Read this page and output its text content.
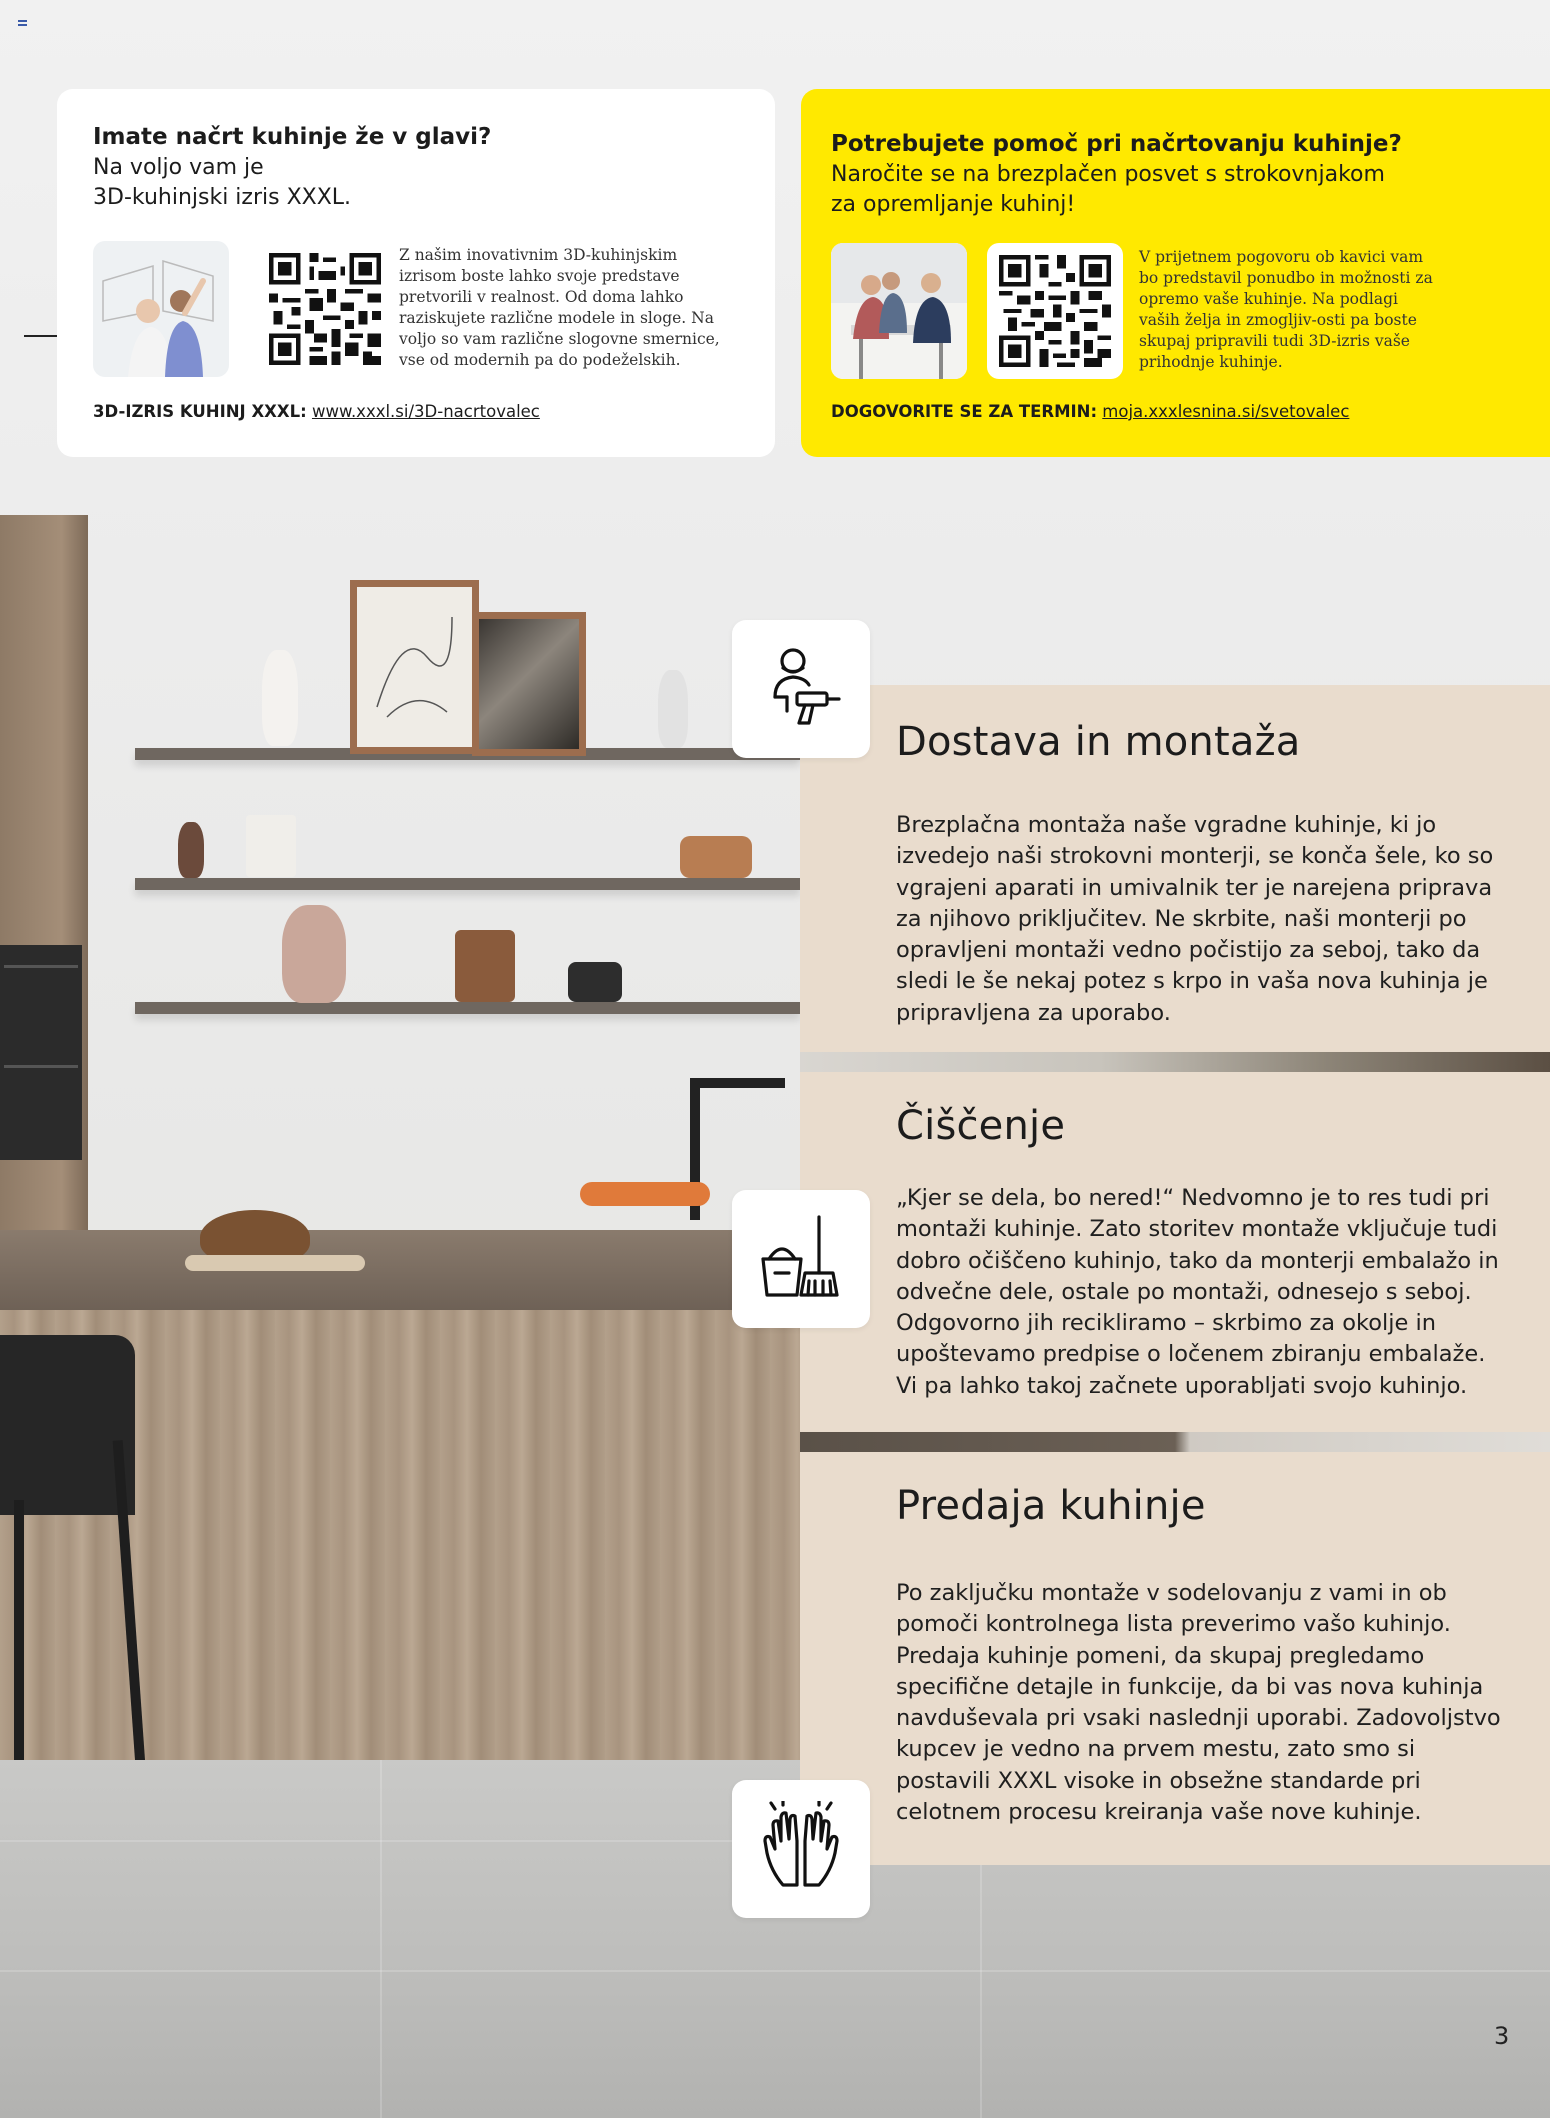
Imate načrt kuhinje že v glavi?

Na voljo vam je

3D-kuhinjski izris XXXL.

Z našim inovativnim 3D-kuhinjskim izrisom boste lahko svoje predstave pretvorili v realnost. Od doma lahko raziskujete različne modele in sloge. Na voljo so vam različne slogovne smernice, vse od modernih pa do podeželskih.
3D-IZRIS KUHINJ XXXL: www.xxxl.si/3D-nacrtovalec
Potrebujete pomoč pri načrtovanju kuhinje?

Naročite se na brezplačen posvet s strokovnjakom

za opremljanje kuhinj!

V prijetnem pogovoru ob kavici vam bo predstavil ponudbo in možnosti za opremo vaše kuhinje. Na podlagi vaših želja in zmogljiv-osti pa boste skupaj pripravili tudi 3D-izris vaše prihodnje kuhinje.
DOGOVORITE SE ZA TERMIN: moja.xxxlesnina.si/svetovalec
Dostava in montaža

Brezplačna montaža naše vgradne kuhinje, ki jo izvedejo naši strokovni monterji, se konča šele, ko so vgrajeni aparati in umivalnik ter je narejena priprava za njihovo priključitev. Ne skrbite, naši monterji po opravljeni montaži vedno počistijo za seboj, tako da sledi le še nekaj potez s krpo in vaša nova kuhinja je pripravljena za uporabo.

Čiščenje

„Kjer se dela, bo nered!“ Nedvomno je to res tudi pri montaži kuhinje. Zato storitev montaže vključuje tudi dobro očiščeno kuhinjo, tako da monterji embalažo in odvečne dele, ostale po montaži, odnesejo s seboj. Odgovorno jih recikliramo – skrbimo za okolje in upoštevamo predpise o ločenem zbiranju embalaže. Vi pa lahko takoj začnete uporabljati svojo kuhinjo.

Predaja kuhinje

Po zaključku montaže v sodelovanju z vami in ob pomoči kontrolnega lista preverimo vašo kuhinjo. Predaja kuhinje pomeni, da skupaj pregledamo specifične detajle in funkcije, da bi vas nova kuhinja navduševala pri vsaki naslednji uporabi. Zadovoljstvo kupcev je vedno na prvem mestu, zato smo si postavili XXXL visoke in obsežne standarde pri celotnem procesu kreiranja vaše nove kuhinje.

3
